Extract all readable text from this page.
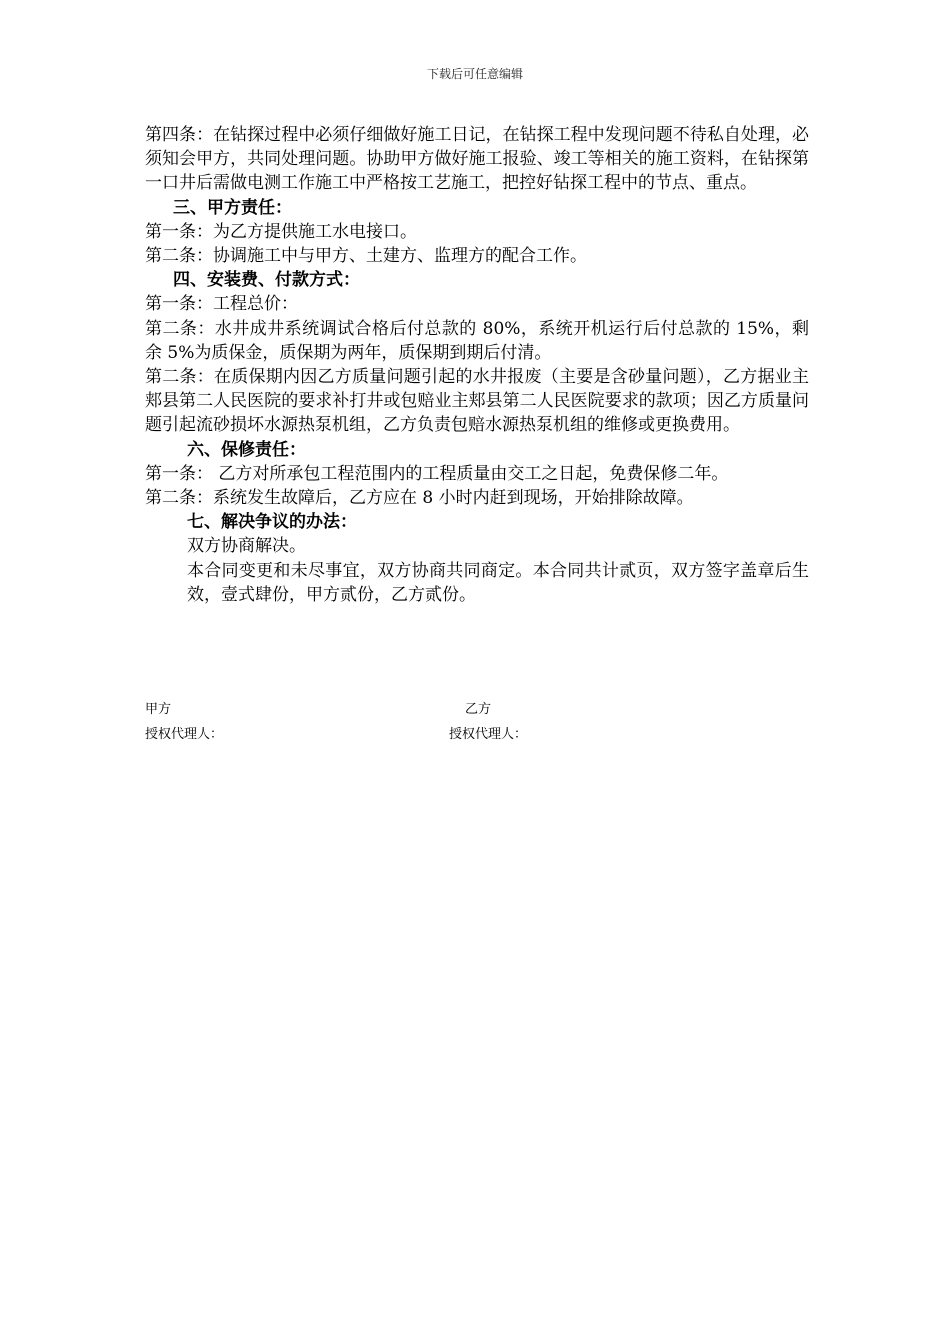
下载后可任意编辑

第四条：在钻探过程中必须仔细做好施工日记，在钻探工程中发现问题不待私自处理，必须知会甲方，共同处理问题。协助甲方做好施工报验、竣工等相关的施工资料，在钻探第一口井后需做电测工作施工中严格按工艺施工，把控好钻探工程中的节点、重点。

三、甲方责任：

第一条：为乙方提供施工水电接口。

第二条：协调施工中与甲方、土建方、监理方的配合工作。

四、安装费、付款方式：

第一条：工程总价：

第二条：水井成井系统调试合格后付总款的 80%，系统开机运行后付总款的 15%，剩余 5%为质保金，质保期为两年，质保期到期后付清。

第二条：在质保期内因乙方质量问题引起的水井报废（主要是含砂量问题），乙方据业主郏县第二人民医院的要求补打井或包赔业主郏县第二人民医院要求的款项；因乙方质量问题引起流砂损坏水源热泵机组，乙方负责包赔水源热泵机组的维修或更换费用。

六、保修责任：

第一条： 乙方对所承包工程范围内的工程质量由交工之日起，免费保修二年。

第二条：系统发生故障后，乙方应在 8 小时内赶到现场，开始排除故障。

七、解决争议的办法：

双方协商解决。

本合同变更和未尽事宜，双方协商共同商定。本合同共计贰页，双方签字盖章后生效，壹式肆份，甲方贰份，乙方贰份。

甲方	乙方
授权代理人：	授权代理人：
